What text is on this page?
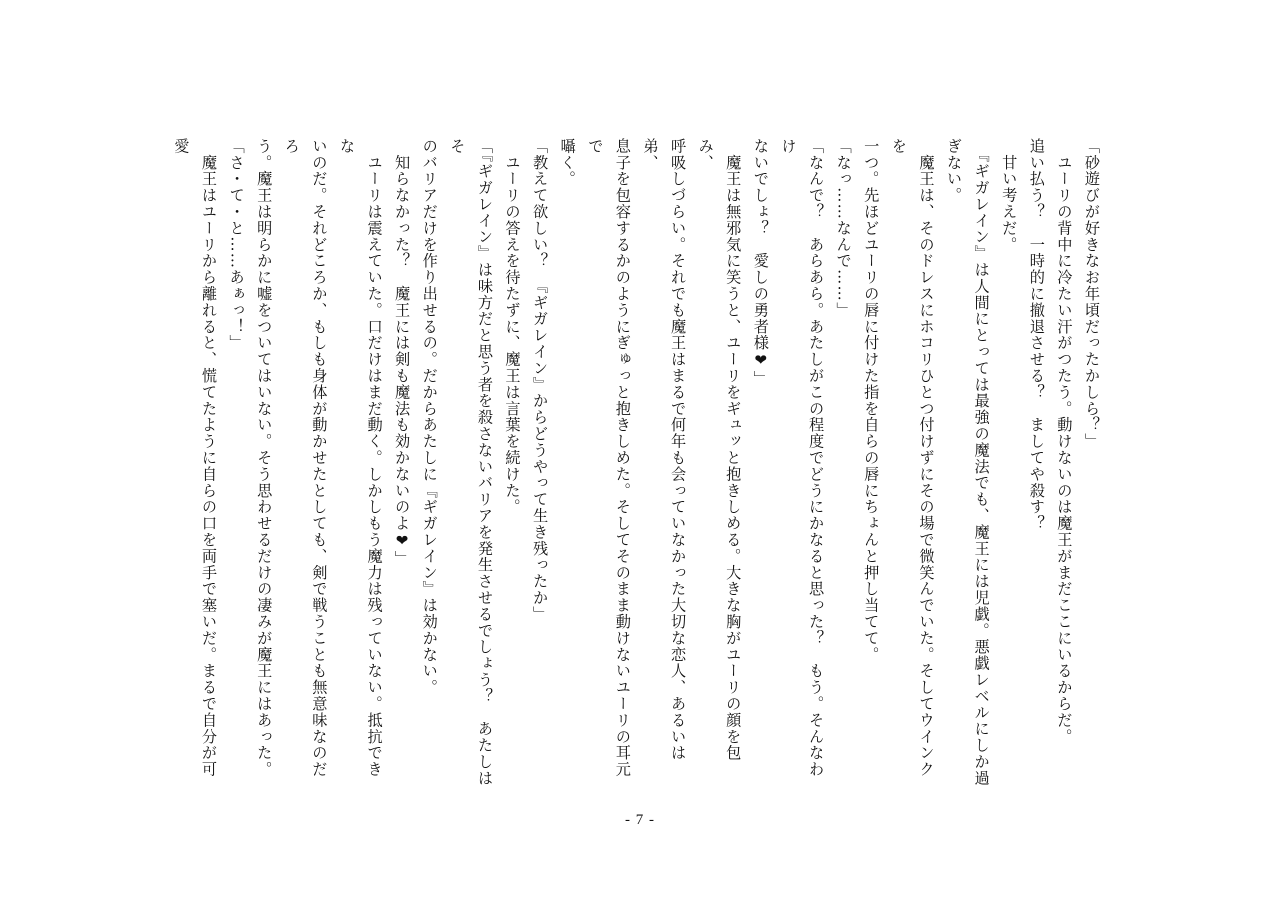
「砂遊びが好きなお年頃だったかしら？」

　ユーリの背中に冷たい汗がつたう。動けないのは魔王がまだここにいるからだ。

追い払う？　一時的に撤退させる？　ましてや殺す？

　甘い考えだ。

　『ギガレイン』は人間にとっては最強の魔法でも、魔王には児戯。悪戯レベルにしか過

ぎない。

　魔王は、そのドレスにホコリひとつ付けずにその場で微笑んでいた。そしてウインクを

一つ。先ほどユーリの唇に付けた指を自らの唇にちょんと押し当てて。

「なっ……なんで……」

「なんで？　あらあら。あたしがこの程度でどうにかなると思った？　もう。そんなわけ

ないでしょ？　愛しの勇者様❤」

　魔王は無邪気に笑うと、ユーリをギュッと抱きしめる。大きな胸がユーリの顔を包み、

呼吸しづらい。それでも魔王はまるで何年も会っていなかった大切な恋人、あるいは弟、

息子を包容するかのようにぎゅっと抱きしめた。そしてそのまま動けないユーリの耳元で

囁く。

「教えて欲しい？　『ギガレイン』からどうやって生き残ったか」

　ユーリの答えを待たずに、魔王は言葉を続けた。

「『ギガレイン』は味方だと思う者を殺さないバリアを発生させるでしょう？　あたしはそ

のバリアだけを作り出せるの。だからあたしに『ギガレイン』は効かない。

　知らなかった？　魔王には剣も魔法も効かないのよ❤」

　ユーリは震えていた。口だけはまだ動く。しかしもう魔力は残っていない。抵抗できな

いのだ。それどころか、もしも身体が動かせたとしても、剣で戦うことも無意味なのだろ

う。魔王は明らかに嘘をついてはいない。そう思わせるだけの凄みが魔王にはあった。

「さ・て・と……あぁっ！」

　魔王はユーリから離れると、慌てたように自らの口を両手で塞いだ。まるで自分が可愛

- 7 -
